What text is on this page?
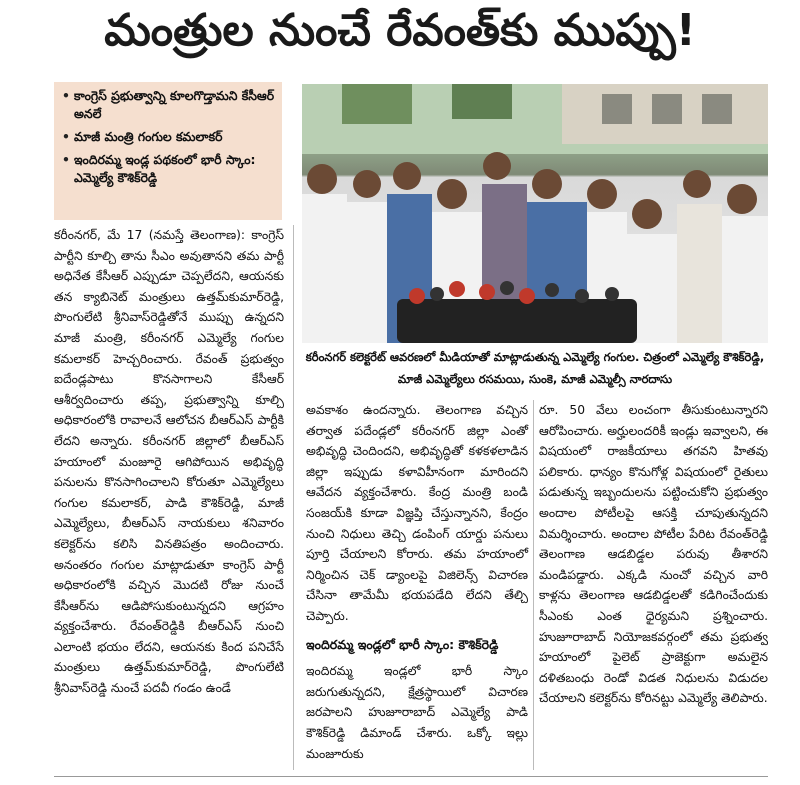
మంత్రుల నుంచే రేవంత్‌కు ముప్పు!
• కాంగ్రెస్ ప్రభుత్వాన్ని కూలగొడ్తామని కేసీఆర్ అనలే
• మాజీ మంత్రి గంగుల కమలాకర్
• ఇందిరమ్మ ఇండ్ల పథకంలో భారీ స్కాం: ఎమ్మెల్యే కౌశిక్‌రెడ్డి
కరీంనగర్ కలెక్టరేట్ ఆవరణలో మీడియాతో మాట్లాడుతున్న ఎమ్మెల్యే గంగుల. చిత్రంలో ఎమ్మెల్యే కౌశిక్‌రెడ్డి, మాజీ ఎమ్మెల్యేలు రసమయి, సుంకె, మాజీ ఎమ్మెల్సీ నారదాసు

కరీంనగర్, మే 17 (నమస్తే తెలంగాణ): కాంగ్రెస్ పార్టీని కూల్చి తాను సీఎం అవుతానని తమ పార్టీ అధినేత కేసీఆర్ ఎప్పుడూ చెప్పలేదని, ఆయనకు తన క్యాబినెట్ మంత్రులు ఉత్తమ్‌కుమార్‌రెడ్డి, పొంగులేటి శ్రీనివాస్‌రెడ్డితోనే ముప్పు ఉన్నదని మాజీ మంత్రి, కరీంనగర్ ఎమ్మెల్యే గంగుల కమలాకర్ హెచ్చరించారు. రేవంత్ ప్రభుత్వం ఐదేండ్లపాటు కొనసాగాలని కేసీఆర్ ఆశీర్వదించారు తప్ప, ప్రభుత్వాన్ని కూల్చి అధికారంలోకి రావాలనే ఆలోచన బీఆర్ఎస్ పార్టీకి లేదని అన్నారు. కరీంనగర్ జిల్లాలో బీఆర్ఎస్ హయాంలో మంజూరై ఆగిపోయిన అభివృద్ధి పనులను కొనసాగించాలని కోరుతూ ఎమ్మెల్యేలు గంగుల కమలాకర్, పాడి కౌశిక్‌రెడ్డి, మాజీ ఎమ్మెల్యేలు, బీఆర్ఎస్ నాయకులు శనివారం కలెక్టర్‌ను కలిసి వినతిపత్రం అందించారు. అనంతరం గంగుల మాట్లాడుతూ కాంగ్రెస్ పార్టీ అధికారంలోకి వచ్చిన మొదటి రోజు నుంచే కేసీఆర్‌ను ఆడిపోసుకుంటున్నదని ఆగ్రహం వ్యక్తంచేశారు. రేవంత్‌రెడ్డికి బీఆర్ఎస్ నుంచి ఎలాంటి భయం లేదని, ఆయనకు కింద పనిచేసే మంత్రులు ఉత్తమ్‌కుమార్‌రెడ్డి, పొంగులేటి శ్రీనివాస్‌రెడ్డి నుంచే పదవీ గండం ఉండే

అవకాశం ఉందన్నారు. తెలంగాణ వచ్చిన తర్వాత పదేండ్లలో కరీంనగర్ జిల్లా ఎంతో అభివృద్ధి చెందిందని, అభివృద్ధితో కళకళలాడిన జిల్లా ఇప్పుడు కళావిహీనంగా మారిందని ఆవేదన వ్యక్తంచేశారు. కేంద్ర మంత్రి బండి సంజయ్‌కి కూడా విజ్ఞప్తి చేస్తున్నానని, కేంద్రం నుంచి నిధులు తెచ్చి డంపింగ్ యార్డు పనులు పూర్తి చేయాలని కోరారు. తమ హయాంలో నిర్మించిన చెక్ డ్యాంలపై విజిలెన్స్ విచారణ చేసినా తామేమీ భయపడేది లేదని తేల్చి చెప్పారు.

ఇందిరమ్మ ఇండ్లలో భారీ స్కాం: కౌశిక్‌రెడ్డి

ఇందిరమ్మ ఇండ్లలో భారీ స్కాం జరుగుతున్నదని, క్షేత్రస్థాయిలో విచారణ జరపాలని హుజూరాబాద్ ఎమ్మెల్యే పాడి కౌశిక్‌రెడ్డి డిమాండ్ చేశారు. ఒక్కో ఇల్లు మంజూరుకు

రూ. 50 వేలు లంచంగా తీసుకుంటున్నారని ఆరోపించారు. అర్హులందరికీ ఇండ్లు ఇవ్వాలని, ఈ విషయంలో రాజకీయాలు తగవని హితవు పలికారు. ధాన్యం కొనుగోళ్ల విషయంలో రైతులు పడుతున్న ఇబ్బందులను పట్టించుకోని ప్రభుత్వం అందాల పోటీలపై ఆసక్తి చూపుతున్నదని విమర్శించారు. అందాల పోటీల పేరిట రేవంత్‌రెడ్డి తెలంగాణ ఆడబిడ్డల పరువు తీశారని మండిపడ్డారు. ఎక్కడి నుంచో వచ్చిన వారి కాళ్లను తెలంగాణ ఆడబిడ్డలతో కడిగించేందుకు సీఎంకు ఎంత ధైర్యమని ప్రశ్నించారు. హుజూరాబాద్ నియోజకవర్గంలో తమ ప్రభుత్వ హయాంలో పైలెట్ ప్రాజెక్టుగా అమలైన దళితబంధు రెండో విడత నిధులను విడుదల చేయాలని కలెక్టర్‌ను కోరినట్టు ఎమ్మెల్యే తెలిపారు.
